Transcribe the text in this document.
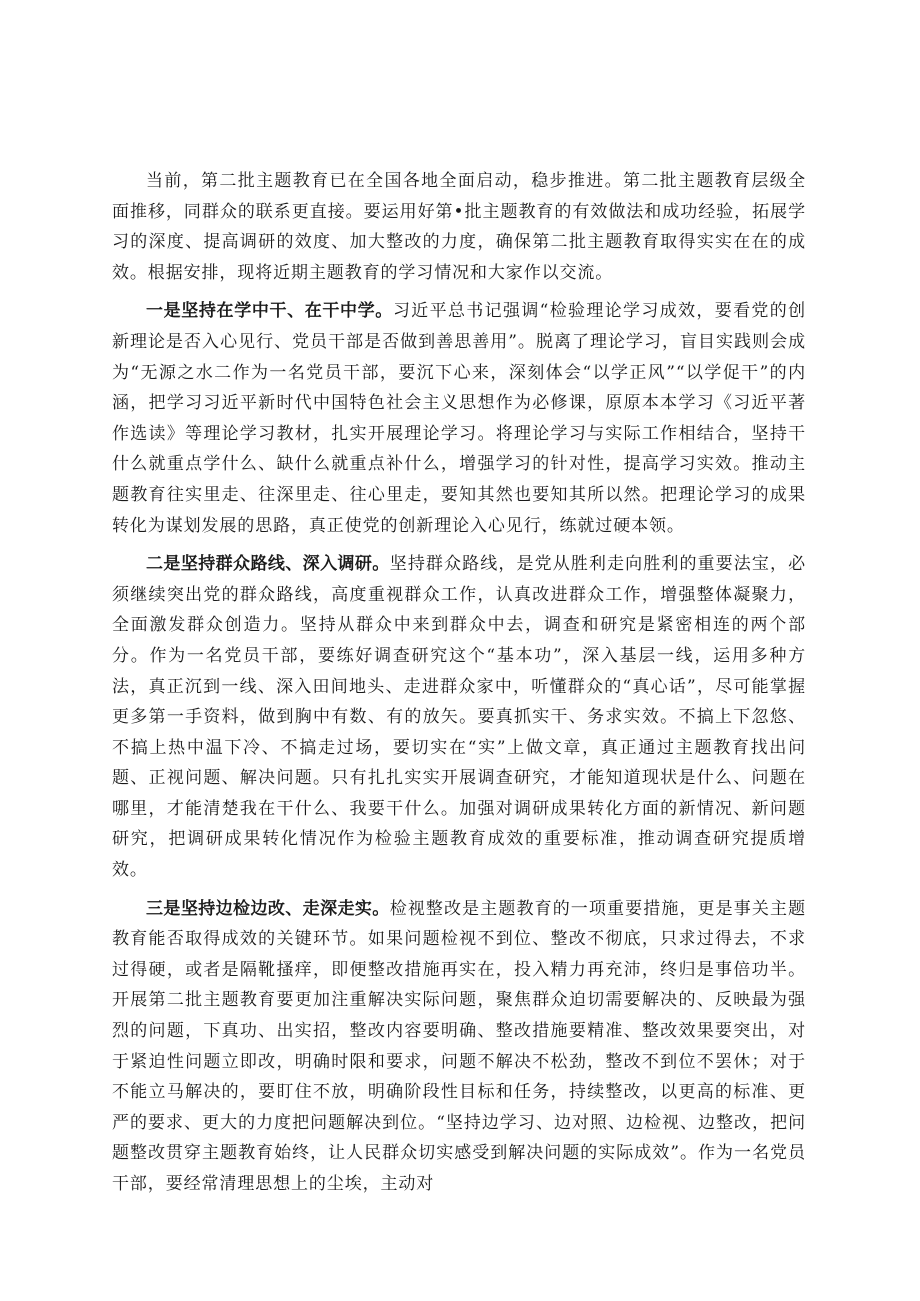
当前，第二批主题教育已在全国各地全面启动，稳步推进。第二批主题教育层级全面推移，同群众的联系更直接。要运用好第•批主题教育的有效做法和成功经验，拓展学习的深度、提高调研的效度、加大整改的力度，确保第二批主题教育取得实实在在的成效。根据安排，现将近期主题教育的学习情况和大家作以交流。

一是坚持在学中干、在干中学。习近平总书记强调“检验理论学习成效，要看党的创新理论是否入心见行、党员干部是否做到善思善用”。脱离了理论学习，盲目实践则会成为“无源之水二作为一名党员干部，要沉下心来，深刻体会“以学正风”“以学促干”的内涵，把学习习近平新时代中国特色社会主义思想作为必修课，原原本本学习《习近平著作选读》等理论学习教材，扎实开展理论学习。将理论学习与实际工作相结合，坚持干什么就重点学什么、缺什么就重点补什么，增强学习的针对性，提高学习实效。推动主题教育往实里走、往深里走、往心里走，要知其然也要知其所以然。把理论学习的成果转化为谋划发展的思路，真正使党的创新理论入心见行，练就过硬本领。

二是坚持群众路线、深入调研。坚持群众路线，是党从胜利走向胜利的重要法宝，必须继续突出党的群众路线，高度重视群众工作，认真改进群众工作，增强整体凝聚力，全面激发群众创造力。坚持从群众中来到群众中去，调查和研究是紧密相连的两个部分。作为一名党员干部，要练好调查研究这个“基本功”，深入基层一线，运用多种方法，真正沉到一线、深入田间地头、走进群众家中，听懂群众的“真心话”，尽可能掌握更多第一手资料，做到胸中有数、有的放矢。要真抓实干、务求实效。不搞上下忽悠、不搞上热中温下冷、不搞走过场，要切实在“实”上做文章，真正通过主题教育找出问题、正视问题、解决问题。只有扎扎实实开展调查研究，才能知道现状是什么、问题在哪里，才能清楚我在干什么、我要干什么。加强对调研成果转化方面的新情况、新问题研究，把调研成果转化情况作为检验主题教育成效的重要标准，推动调查研究提质增效。

三是坚持边检边改、走深走实。检视整改是主题教育的一项重要措施，更是事关主题教育能否取得成效的关键环节。如果问题检视不到位、整改不彻底，只求过得去，不求过得硬，或者是隔靴搔痒，即便整改措施再实在，投入精力再充沛，终归是事倍功半。开展第二批主题教育要更加注重解决实际问题，聚焦群众迫切需要解决的、反映最为强烈的问题，下真功、出实招，整改内容要明确、整改措施要精准、整改效果要突出，对于紧迫性问题立即改，明确时限和要求，问题不解决不松劲，整改不到位不罢休；对于不能立马解决的，要盯住不放，明确阶段性目标和任务，持续整改，以更高的标准、更严的要求、更大的力度把问题解决到位。“坚持边学习、边对照、边检视、边整改，把问题整改贯穿主题教育始终，让人民群众切实感受到解决问题的实际成效”。作为一名党员干部，要经常清理思想上的尘埃，主动对
